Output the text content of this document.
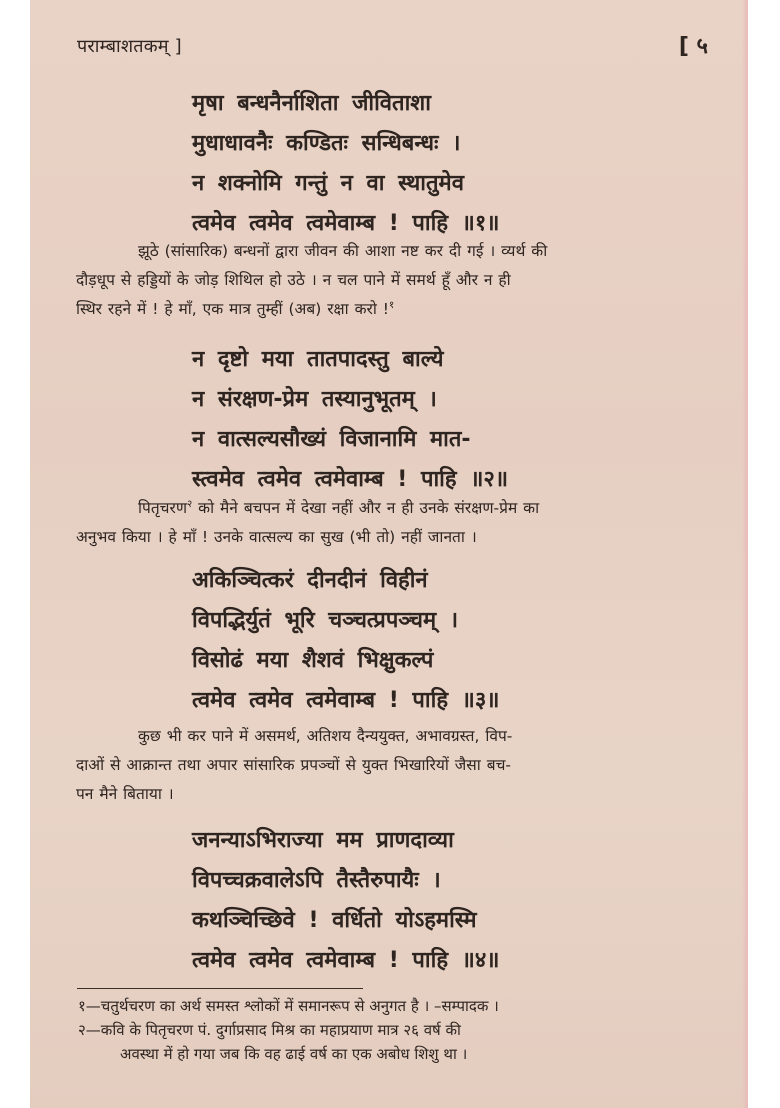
पराम्बाशतकम् ]	[ ५
मृषा बन्धनैर्नाशिता जीविताशा
मुधाधावनैः कण्डितः सन्धिबन्धः ।
न शक्नोमि गन्तुं न वा स्थातुमेव
त्वमेव त्वमेव त्वमेवाम्ब ! पाहि ॥१॥
झूठे (सांसारिक) बन्धनों द्वारा जीवन की आशा नष्ट कर दी गई । व्यर्थ की
दौड़धूप से हड्डियों के जोड़ शिथिल हो उठे । न चल पाने में समर्थ हूँ और न ही
स्थिर रहने में ! हे माँ, एक मात्र तुम्हीं (अब) रक्षा करो !$^१$
न दृष्टो मया तातपादस्तु बाल्ये
न संरक्षण-प्रेम तस्यानुभूतम् ।
न वात्सल्यसौख्यं विजानामि मात-
स्त्वमेव त्वमेव त्वमेवाम्ब ! पाहि ॥२॥
पितृचरण$^२$ को मैने बचपन में देखा नहीं और न ही उनके संरक्षण-प्रेम का
अनुभव किया । हे माँ ! उनके वात्सल्य का सुख (भी तो) नहीं जानता ।
अकिञ्चित्करं दीनदीनं विहीनं
विपद्भिर्युतं भूरि चञ्चत्प्रपञ्चम् ।
विसोढं मया शैशवं भिक्षुकल्पं
त्वमेव त्वमेव त्वमेवाम्ब ! पाहि ॥३॥
कुछ भी कर पाने में असमर्थ, अतिशय दैन्ययुक्त, अभावग्रस्त, विप-
दाओं से आक्रान्त तथा अपार सांसारिक प्रपञ्चों से युक्त भिखारियों जैसा बच-
पन मैने बिताया ।
जनन्याऽभिराज्या मम प्राणदाव्या
विपच्चक्रवालेऽपि तैस्तैरुपायैः ।
कथञ्चिच्छिवे ! वर्धितो योऽहमस्मि
त्वमेव त्वमेव त्वमेवाम्ब ! पाहि ॥४॥
१—चतुर्थचरण का अर्थ समस्त श्लोकों में समानरूप से अनुगत है । –सम्पादक ।
२—कवि के पितृचरण पं. दुर्गाप्रसाद मिश्र का महाप्रयाण मात्र २६ वर्ष की
अवस्था में हो गया जब कि वह ढाई वर्ष का एक अबोध शिशु था ।
